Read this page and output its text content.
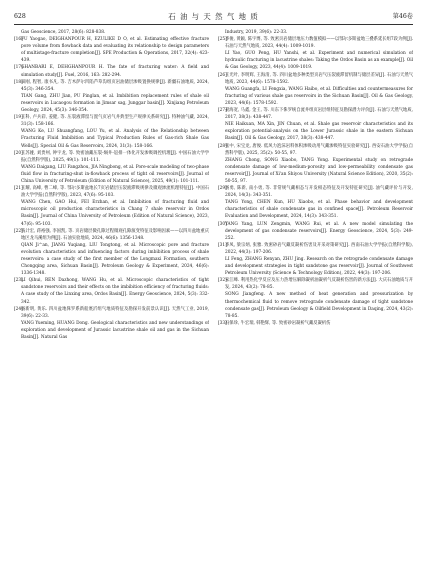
628	石 油 与 天 然 气 地 质	第46卷

Gas Geoscience, 2017, 28(6): 828-838.

[16]
FU Yaogao, DEIGHANPOUR H, EZULIKE D O, et al. Estimating effective fracture pore volume from flowback data and evaluating its relationship to design parameters of multistage-fracture completion[J]. SPE Production & Operations, 2017, 32(4): 423-439.

[17]
GHANBARI E, DEHGHANPOUR H. The fate of fracturing water: A field and simulation study[J]. Fuel, 2016, 163: 282-294.

[18]
田刚, 程智, 康书凡, 等. 吉木萨尔凹陷芦草沟组页岩油储层渗吸置换规律[J]. 新疆石油地质, 2024, 45(3): 346-354.

TIAN Gang, ZHU Jian, PU Pinglan, et al. Imbibition replacement rules of shale oil reservoirs in Lucaogou formation in Jimsar sag, Junggar basin[J]. Xinjiang Petroleum Geology, 2024, 45(3): 346-354.

[19]
王科, 卢兵彩, 姜健, 等. 压裂液滞留与置气页岩气井典型生产规律关系研究[J]. 特种油气藏, 2024, 31(3): 158-166.

WANG Ke, LU Shuangfang, LOU Yu, et al. Analysis of the Relationship between Fracturing Fluid Imbibition and Typical Production Rules of Gas-rich Shale Gas Wells[J]. Special Oil & Gas Reservoirs, 2024, 31(3): 158-166.

[20]
王苏娅, 刘贵州, 钟宇龙, 等. 致密油藏压裂-焖井-返排一体化开发渗吸调控机理[J]. 中国石油大学学报(自然科学版), 2025, 49(1): 101-111.

WANG Daigang, LIU Fangzhou, JIA Ningbong, et al. Pore-scale modeling of two-phase fluid flow in fracturing-shut in-flowback process of tight oil reservoirs[J]. Journal of China University of Petroleum (Edition of Natural Science), 2025, 49(1): 101-111.

[21]
王耀, 高峰, 曹二峰, 等. 鄂尔多斯盆地长7页岩储层压裂液滞吸规律及微观渗流机理特征[J]. 中国石油大学学报(自然科学版), 2023, 47(6): 95-103.

WANG Chen, GAO Hui, FEI Erzhan, et al. Imbibition of fracturing fluid and microscopic oil production characteristics in Chang 7 shale reservoir in Ordos Basin[J]. Journal of China University of Petroleum (Edition of Natural Science), 2023, 47(6): 95-103.

[22]
钱计宏, 蒋裕强, 李国凯, 等. 页岩储层微孔隙过程微观孔隙演变特征及影响因素——以四川盆地重庆地区龙马溪组为例[J]. 石油实验地质, 2024, 46(6): 1356-1348.

QIAN Ji^an, JIANG Yuqiang, LIU Tongtong, et al. Microscopic pore and fracture evolution characteristics and influencing factors during imbibition process of shale reservoirs: a case study of the first member of the Longmaxi Formation, southern Chongqing area, Sichuan Basin[J]. Petroleum Geology & Experiment, 2024, 46(6): 1336-1348.

[23]
LI Qihui, REN Dazhong, WANG Hu, et al. Microscopic characteristics of tight sandstone reservoirs and their effects on the imbibition efficiency of fracturing fluids: A case study of the Linxing area, Ordos Basin[J]. Energy Geoscience, 2024, 5(3): 332-342.

[24]
杨新明, 黄乐. 四川盆地侏罗系新船底沂组气地质特征及勘探开发前景认识[J]. 天然气工业, 2019, 39(6): 22-33.

YANG Yueming, HUANG Dong. Geological characteristics and new understandings of exploration and development of Jurassic lacustrine shale oil and gas in the Sichuan Basin[J]. Natural Gas

Industry, 2019, 39(6): 22-33.

[25]
李俊, 黄颖, 陈宇博, 等. 致密页岩储层地压力数值模拟——以鄂尔多斯盆地三叠系延长组7段为例[J]. 石油与天然气地质, 2023, 44(4): 1009-1019.

LI Yao, GUO Peng, HU Yanshi, et al. Experiment and numerical simulation of hydraulic fracturing in lacustrine shales: Taking the Ordos Basin as an example[J]. Oil & Gas Geology, 2023, 44(4): 1009-1019.

[26]
王光叶, 李明辉, 王海清, 等. 四川盆地多种类型页岩气压裂液滞留机制与储层差异[J]. 石油与天然气地质, 2023, 44(6): 1578-1592.

WANG Guangfa, LI Fengxia, WANG Haibo, et al. Difficulties and countermeasures for fracturing of various shale gas reservoirs in the Sichuan Basin[J]. Oil & Gas Geology, 2023, 44(6): 1578-1592.

[27]
聂海宽, 马鑫, 金王, 等. 川东下侏罗统自流井组页岩层组特征及勘探潜力评价[J]. 石油与天然气地质, 2017, 38(3): 438-447.

NIE Haikuan, MA Xin, JIN Chuan, et al. Shale gas reservoir characteristics and its exploration potential-analysis on the Lower Jurassic shale in the eastern Sichuan Basin[J]. Oil & Gas Geology, 2017, 38(3): 438-447.

[28]
张中, 宋宝龙, 唐俊. 低风力泡沫岩料体积渗吸动用气藏渗吸特征实验研究[J]. 西安石油大学学报(自然科学版), 2025, 35(2): 50-55, 97.

ZHANG Chong, SONG Xiaobo, TANG Yong. Experimental study on retrograde condensate damage of low-medium-porosity and low-permeability condensate gas reservoir[J]. Journal of Xi'an Shiyou University (Natural Science Edition), 2020, 35(2): 50-55, 97.

[29]
汤勇, 陈新, 南小勇, 等. 非常规气藏相态与开发相态特征及开发特征研究[J]. 油气藏评价与开发, 2024, 14(3): 343-351.

TANG Yong, CHEN Kun, HU Xiaobo, et al. Phase behavior and development characteristics of shale condensate gas in confined space[J]. Petroleum Reservoir Evaluation and Development, 2024, 14(3): 343-351.

[30]
YANG Yang, LUN Zengmin, WANG Rui, et al. A new model simulating the development of gas condensate reservoirs[J]. Energy Geoscience, 2024, 5(3): 249-252.

[31]
李凤, 梁宗炳, 张雅. 致密砂岩气藏反凝析伤害及开采对策研究[J]. 西南石油大学学报(自然科学版), 2022, 44(3): 197-206.

LI Feng, ZHANG Renyan, ZHU Jing. Research on the retrograde condensate damage and development strategies in tight sandstone gas reservoir[J]. Journal of Southwest Petroleum University (Science & Technology Edition), 2022, 44(3): 197-206.

[32]
宋江峰. 利用热化学反应及压力热增压解除凝析油凝析气反凝析伤害的新方法[J]. 大庆石油地质与开发, 2024, 43(2): 78-85.

SONG Jiangfeng. A new method of heat generation and pressurization by thermochemical fluid to remove retrograde condensate damage of tight sandstone condensate gas[J]. Petroleum Geology & Oilfield Development in Daqing, 2024, 43(2): 78-85.

[33]
冯保珍, 牛宏瑞, 韩艳辉, 等. 致密砂岩凝析气藏反凝析伤
